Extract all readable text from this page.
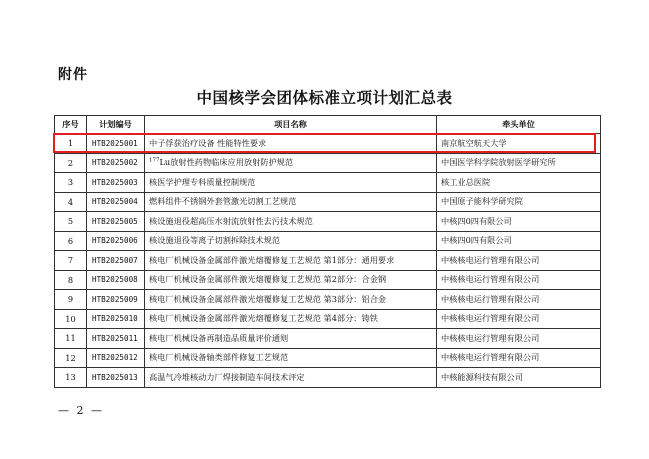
附件
中国核学会团体标准立项计划汇总表
序号	计划编号	项目名称	牵头单位
1	HTB2025001	中子俘获治疗设备 性能特性要求	南京航空航天大学
2	HTB2025002	$^{177}$Lu放射性药物临床应用放射防护规范	中国医学科学院放射医学研究所
3	HTB2025003	核医学护理专科质量控制规范	核工业总医院
4	HTB2025004	燃料组件不锈钢外套管激光切割工艺规范	中国原子能科学研究院
5	HTB2025005	核设施退役超高压水射流放射性去污技术规范	中核四0四有限公司
6	HTB2025006	核设施退役等离子切割拆除技术规范	中核四0四有限公司
7	HTB2025007	核电厂机械设备金属部件激光熔覆修复工艺规范 第1部分：通用要求	中核核电运行管理有限公司
8	HTB2025008	核电厂机械设备金属部件激光熔覆修复工艺规范 第2部分：合金钢	中核核电运行管理有限公司
9	HTB2025009	核电厂机械设备金属部件激光熔覆修复工艺规范 第3部分：铝合金	中核核电运行管理有限公司
10	HTB2025010	核电厂机械设备金属部件激光熔覆修复工艺规范 第4部分：铸铁	中核核电运行管理有限公司
11	HTB2025011	核电厂机械设备再制造品质量评价通则	中核核电运行管理有限公司
12	HTB2025012	核电厂机械设备轴类部件修复工艺规范	中核核电运行管理有限公司
13	HTB2025013	高温气冷堆核动力厂焊接制造车间技术评定	中核能源科技有限公司
— 2 —
